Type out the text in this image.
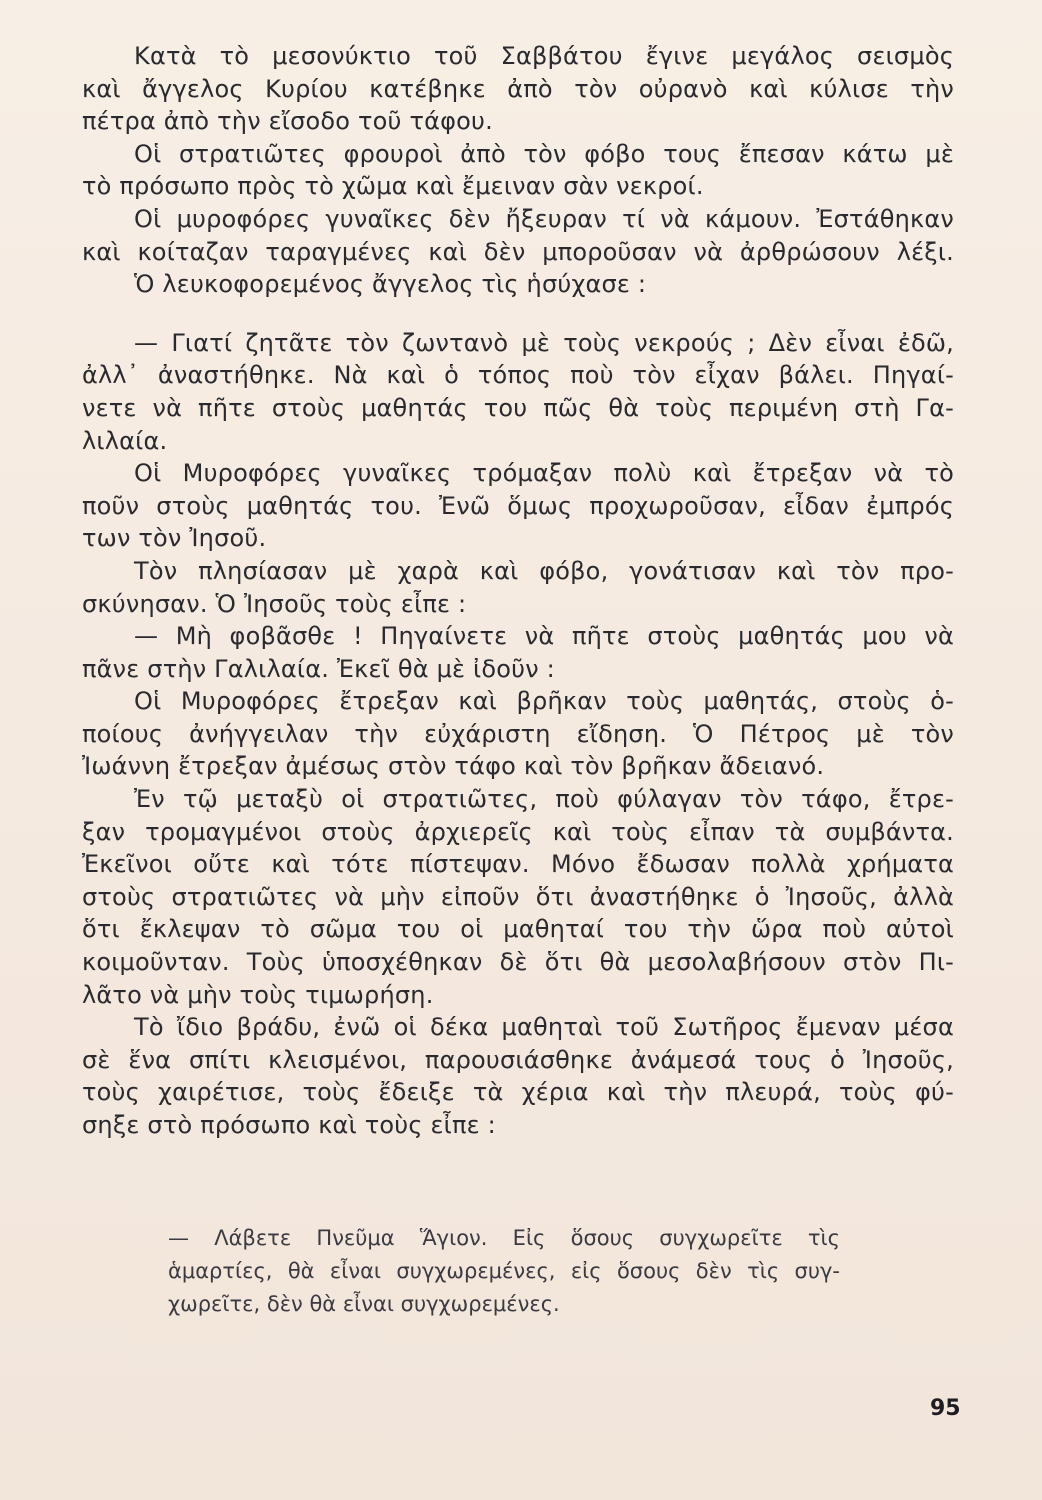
Κατὰ τὸ μεσονύκτιο τοῦ Σαββάτου ἔγινε μεγάλος σεισμὸς
καὶ ἄγγελος Κυρίου κατέβηκε ἀπὸ τὸν οὐρανὸ καὶ κύλισε τὴν
πέτρα ἀπὸ τὴν εἴσοδο τοῦ τάφου.
Οἱ στρατιῶτες φρουροὶ ἀπὸ τὸν φόβο τους ἔπεσαν κάτω μὲ
τὸ πρόσωπο πρὸς τὸ χῶμα καὶ ἔμειναν σὰν νεκροί.
Οἱ μυροφόρες γυναῖκες δὲν ἤξευραν τί νὰ κάμουν. Ἐστάθηκαν
καὶ κοίταζαν ταραγμένες καὶ δὲν μποροῦσαν νὰ ἀρθρώσουν λέξι.
Ὁ λευκοφορεμένος ἄγγελος τὶς ἡσύχασε :
— Γιατί ζητᾶτε τὸν ζωντανὸ μὲ τοὺς νεκρούς ; Δὲν εἶναι ἐδῶ,
ἀλλ᾽ ἀναστήθηκε. Νὰ καὶ ὁ τόπος ποὺ τὸν εἶχαν βάλει. Πηγαί-
νετε νὰ πῆτε στοὺς μαθητάς του πῶς θὰ τοὺς περιμένη στὴ Γα-
λιλαία.
Οἱ Μυροφόρες γυναῖκες τρόμαξαν πολὺ καὶ ἔτρεξαν νὰ τὸ
ποῦν στοὺς μαθητάς του. Ἐνῶ ὅμως προχωροῦσαν, εἶδαν ἐμπρός
των τὸν Ἰησοῦ.
Τὸν πλησίασαν μὲ χαρὰ καὶ φόβο, γονάτισαν καὶ τὸν προ-
σκύνησαν. Ὁ Ἰησοῦς τοὺς εἶπε :
— Μὴ φοβᾶσθε ! Πηγαίνετε νὰ πῆτε στοὺς μαθητάς μου νὰ
πᾶνε στὴν Γαλιλαία. Ἐκεῖ θὰ μὲ ἰδοῦν :
Οἱ Μυροφόρες ἔτρεξαν καὶ βρῆκαν τοὺς μαθητάς, στοὺς ὁ-
ποίους ἀνήγγειλαν τὴν εὐχάριστη εἴδηση. Ὁ Πέτρος μὲ τὸν
Ἰωάννη ἔτρεξαν ἀμέσως στὸν τάφο καὶ τὸν βρῆκαν ἄδειανό.
Ἐν τῷ μεταξὺ οἱ στρατιῶτες, ποὺ φύλαγαν τὸν τάφο, ἔτρε-
ξαν τρομαγμένοι στοὺς ἀρχιερεῖς καὶ τοὺς εἶπαν τὰ συμβάντα.
Ἐκεῖνοι οὔτε καὶ τότε πίστεψαν. Μόνο ἔδωσαν πολλὰ χρήματα
στοὺς στρατιῶτες νὰ μὴν εἰποῦν ὅτι ἀναστήθηκε ὁ Ἰησοῦς, ἀλλὰ
ὅτι ἔκλεψαν τὸ σῶμα του οἱ μαθηταί του τὴν ὥρα ποὺ αὐτοὶ
κοιμοῦνταν. Τοὺς ὑποσχέθηκαν δὲ ὅτι θὰ μεσολαβήσουν στὸν Πι-
λᾶτο νὰ μὴν τοὺς τιμωρήση.
Τὸ ἴδιο βράδυ, ἐνῶ οἱ δέκα μαθηταὶ τοῦ Σωτῆρος ἔμεναν μέσα
σὲ ἕνα σπίτι κλεισμένοι, παρουσιάσθηκε ἀνάμεσά τους ὁ Ἰησοῦς,
τοὺς χαιρέτισε, τοὺς ἔδειξε τὰ χέρια καὶ τὴν πλευρά, τοὺς φύ-
σηξε στὸ πρόσωπο καὶ τοὺς εἶπε :
— Λάβετε Πνεῦμα Ἅγιον. Εἰς ὅσους συγχωρεῖτε τὶς
ἁμαρτίες, θὰ εἶναι συγχωρεμένες, εἰς ὅσους δὲν τὶς συγ-
χωρεῖτε, δὲν θὰ εἶναι συγχωρεμένες.
95
